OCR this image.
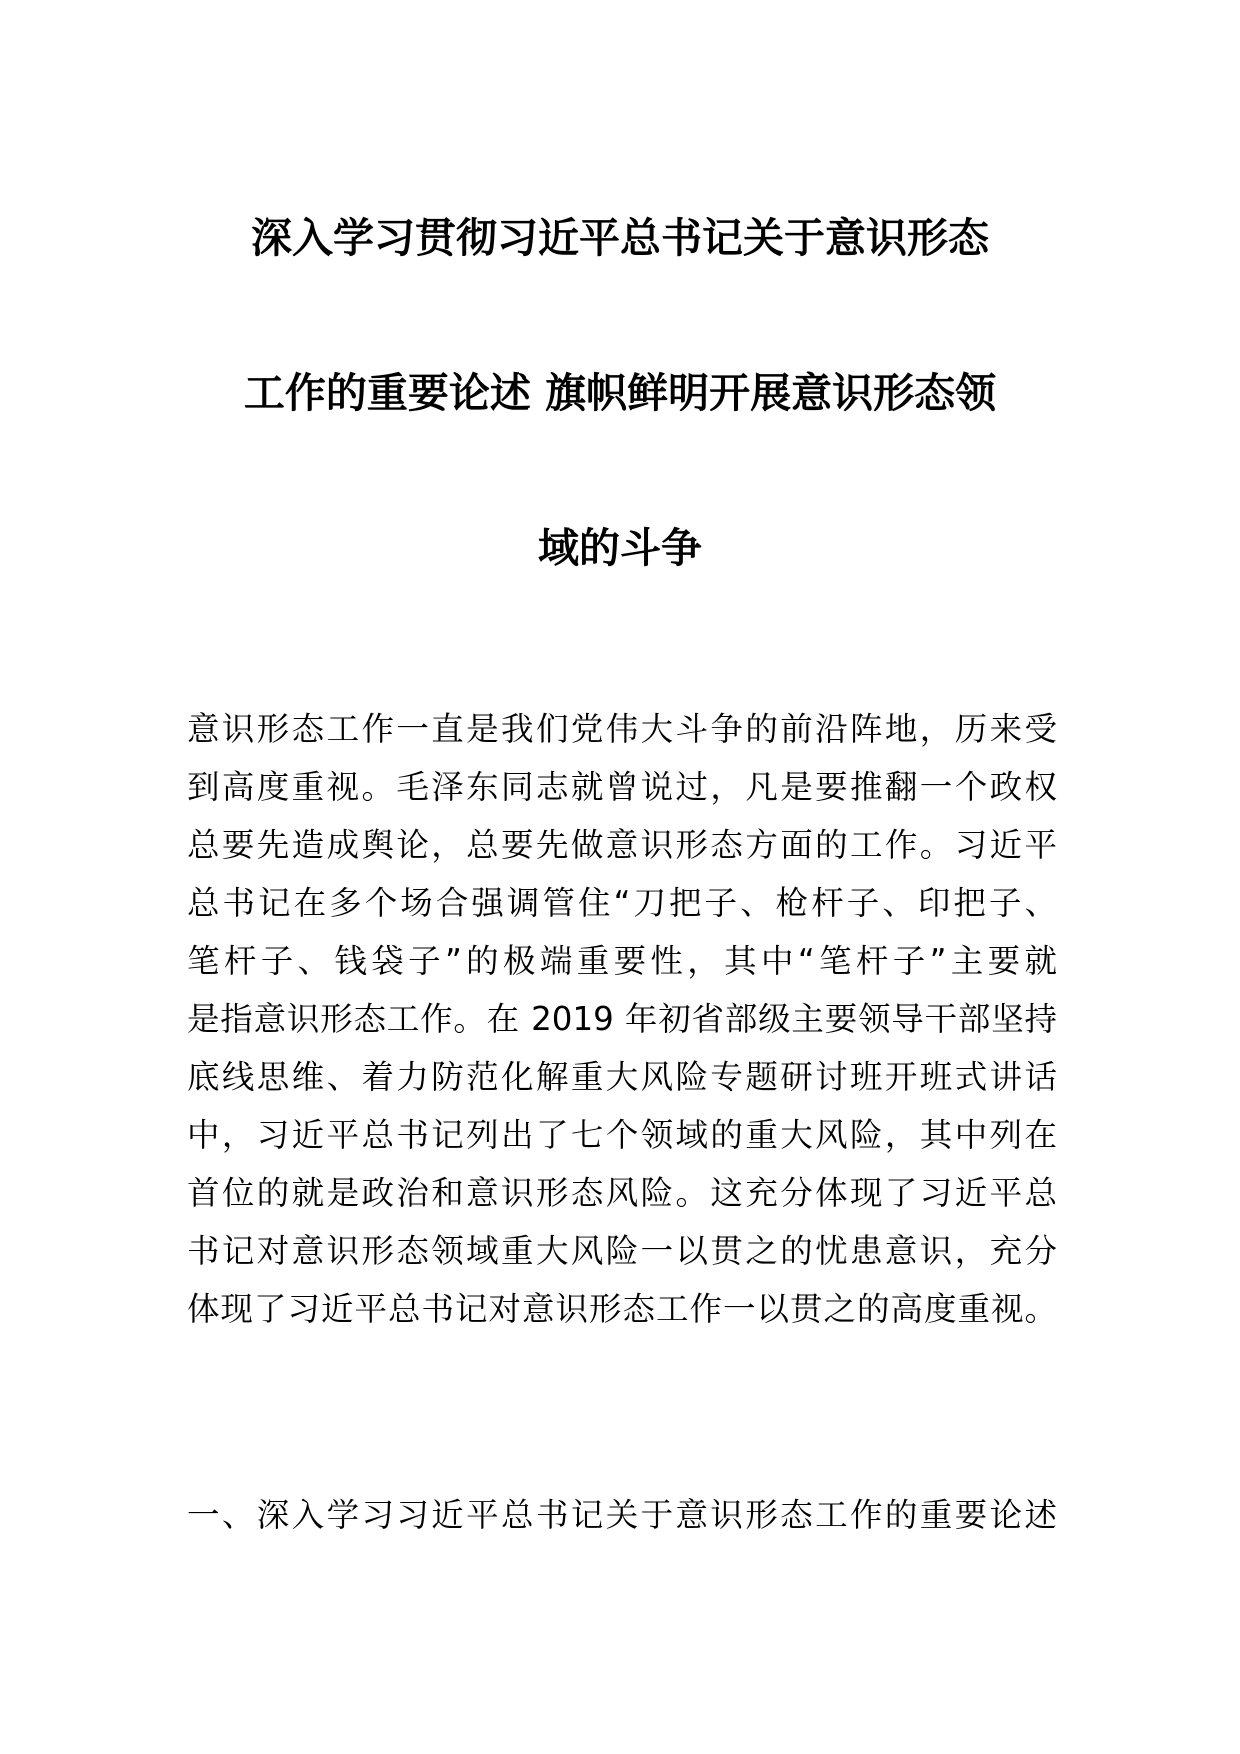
深入学习贯彻习近平总书记关于意识形态
工作的重要论述 旗帜鲜明开展意识形态领
域的斗争
意识形态工作一直是我们党伟大斗争的前沿阵地，历来受
到高度重视。毛泽东同志就曾说过，凡是要推翻一个政权
总要先造成舆论，总要先做意识形态方面的工作。习近平
总书记在多个场合强调管住“刀把子、枪杆子、印把子、
笔杆子、钱袋子”的极端重要性，其中“笔杆子”主要就
是指意识形态工作。在 2019 年初省部级主要领导干部坚持
底线思维、着力防范化解重大风险专题研讨班开班式讲话
中，习近平总书记列出了七个领域的重大风险，其中列在
首位的就是政治和意识形态风险。这充分体现了习近平总
书记对意识形态领域重大风险一以贯之的忧患意识，充分
体现了习近平总书记对意识形态工作一以贯之的高度重视。
一、深入学习习近平总书记关于意识形态工作的重要论述
